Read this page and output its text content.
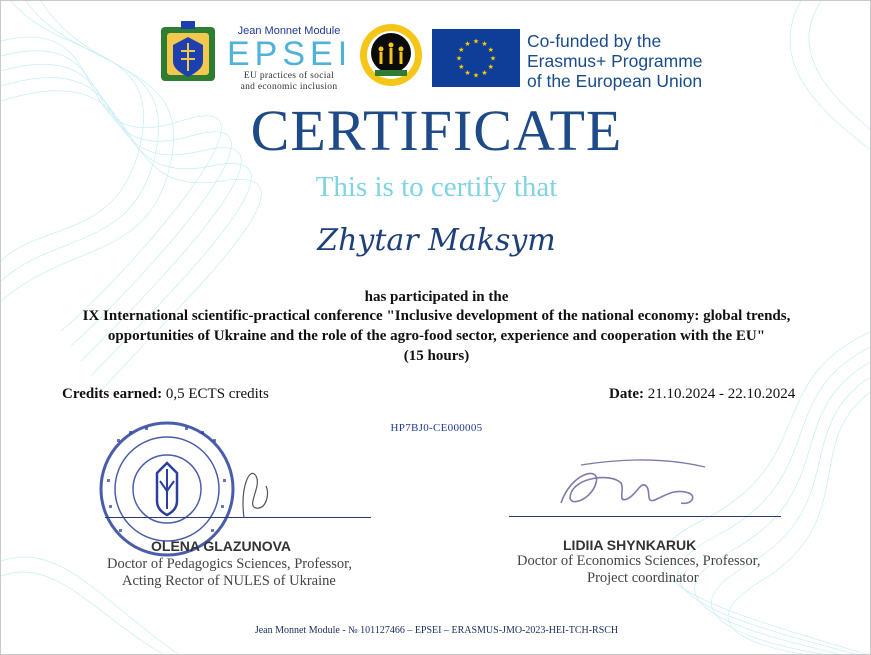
Jean Monnet Module
EPSEI
EU practices of social
and economic inclusion
★
★
★
★
★
★
★
★
★ ★ ★
★ Co-funded by the
Erasmus+ Programme
of the European Union
CERTIFICATE
This is to certify that
Zhytar Maksym
has participated in the
IX International scientific-practical conference "Inclusive development of the national economy: global trends,
opportunities of Ukraine and the role of the agro-food sector, experience and cooperation with the EU"
(15 hours)
Credits earned: 0,5 ECTS credits	Date: 21.10.2024 - 22.10.2024
HP7BJ0-CE000005
OLENA GLAZUNOVA
Doctor of Pedagogics Sciences, Professor,
Acting Rector of NULES of Ukraine
LIDIIA SHYNKARUK
Doctor of Economics Sciences, Professor,
Project coordinator
Jean Monnet Module - № 101127466 – EPSEI – ERASMUS-JMO-2023-HEI-TCH-RSCH
